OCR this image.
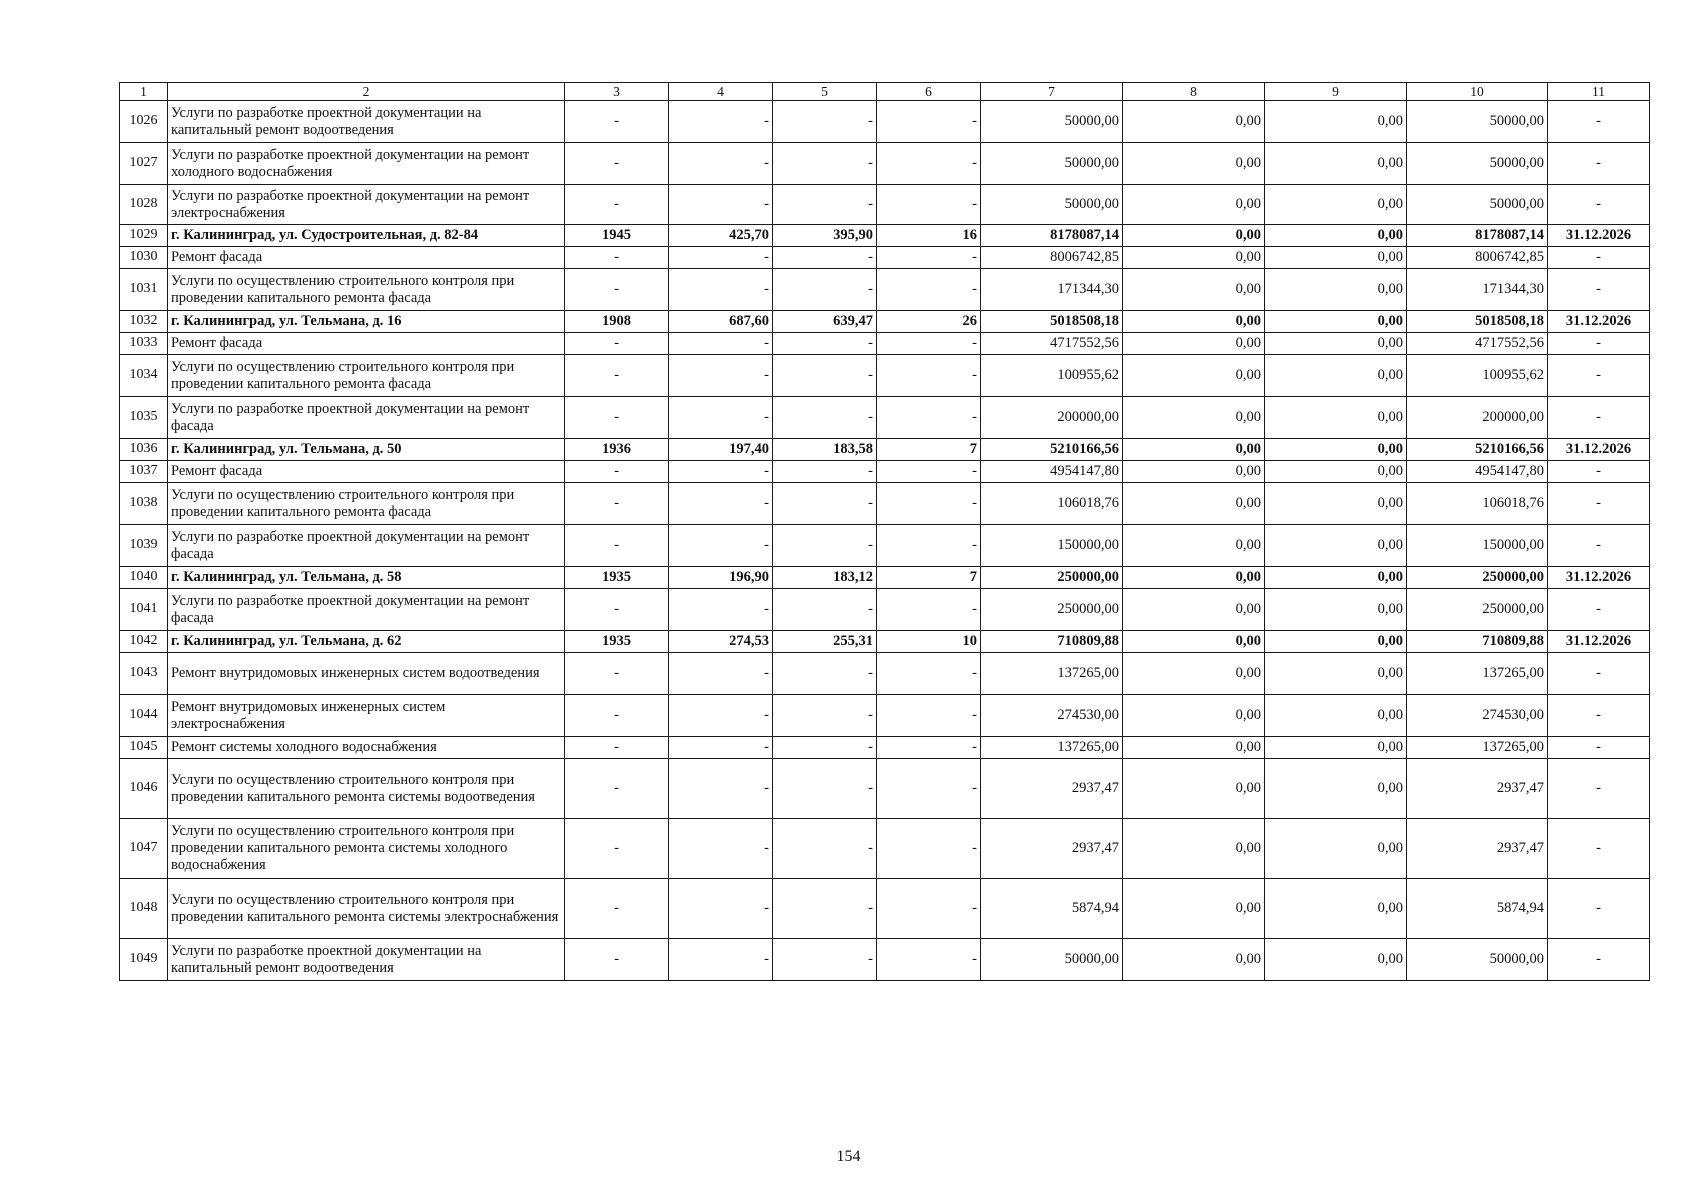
1	2	3	4	5	6	7	8	9	10	11
1026	Услуги по разработке проектной документации на капитальный ремонт водоотведения	-	-	-	-	50000,00	0,00	0,00	50000,00	-
1027	Услуги по разработке проектной документации на ремонт холодного водоснабжения	-	-	-	-	50000,00	0,00	0,00	50000,00	-
1028	Услуги по разработке проектной документации на ремонт электроснабжения	-	-	-	-	50000,00	0,00	0,00	50000,00	-
1029	г. Калининград, ул. Судостроительная, д. 82-84	1945	425,70	395,90	16	8178087,14	0,00	0,00	8178087,14	31.12.2026
1030	Ремонт фасада	-	-	-	-	8006742,85	0,00	0,00	8006742,85	-
1031	Услуги по осуществлению строительного контроля при проведении капитального ремонта фасада	-	-	-	-	171344,30	0,00	0,00	171344,30	-
1032	г. Калининград, ул. Тельмана, д. 16	1908	687,60	639,47	26	5018508,18	0,00	0,00	5018508,18	31.12.2026
1033	Ремонт фасада	-	-	-	-	4717552,56	0,00	0,00	4717552,56	-
1034	Услуги по осуществлению строительного контроля при проведении капитального ремонта фасада	-	-	-	-	100955,62	0,00	0,00	100955,62	-
1035	Услуги по разработке проектной документации на ремонт фасада	-	-	-	-	200000,00	0,00	0,00	200000,00	-
1036	г. Калининград, ул. Тельмана, д. 50	1936	197,40	183,58	7	5210166,56	0,00	0,00	5210166,56	31.12.2026
1037	Ремонт фасада	-	-	-	-	4954147,80	0,00	0,00	4954147,80	-
1038	Услуги по осуществлению строительного контроля при проведении капитального ремонта фасада	-	-	-	-	106018,76	0,00	0,00	106018,76	-
1039	Услуги по разработке проектной документации на ремонт фасада	-	-	-	-	150000,00	0,00	0,00	150000,00	-
1040	г. Калининград, ул. Тельмана, д. 58	1935	196,90	183,12	7	250000,00	0,00	0,00	250000,00	31.12.2026
1041	Услуги по разработке проектной документации на ремонт фасада	-	-	-	-	250000,00	0,00	0,00	250000,00	-
1042	г. Калининград, ул. Тельмана, д. 62	1935	274,53	255,31	10	710809,88	0,00	0,00	710809,88	31.12.2026
1043	Ремонт внутридомовых инженерных систем водоотведения	-	-	-	-	137265,00	0,00	0,00	137265,00	-
1044	Ремонт внутридомовых инженерных систем электроснабжения	-	-	-	-	274530,00	0,00	0,00	274530,00	-
1045	Ремонт системы холодного водоснабжения	-	-	-	-	137265,00	0,00	0,00	137265,00	-
1046	Услуги по осуществлению строительного контроля при проведении капитального ремонта системы водоотведения	-	-	-	-	2937,47	0,00	0,00	2937,47	-
1047	Услуги по осуществлению строительного контроля при проведении капитального ремонта системы холодного водоснабжения	-	-	-	-	2937,47	0,00	0,00	2937,47	-
1048	Услуги по осуществлению строительного контроля при проведении капитального ремонта системы электроснабжения	-	-	-	-	5874,94	0,00	0,00	5874,94	-
1049	Услуги по разработке проектной документации на капитальный ремонт водоотведения	-	-	-	-	50000,00	0,00	0,00	50000,00	-
154
